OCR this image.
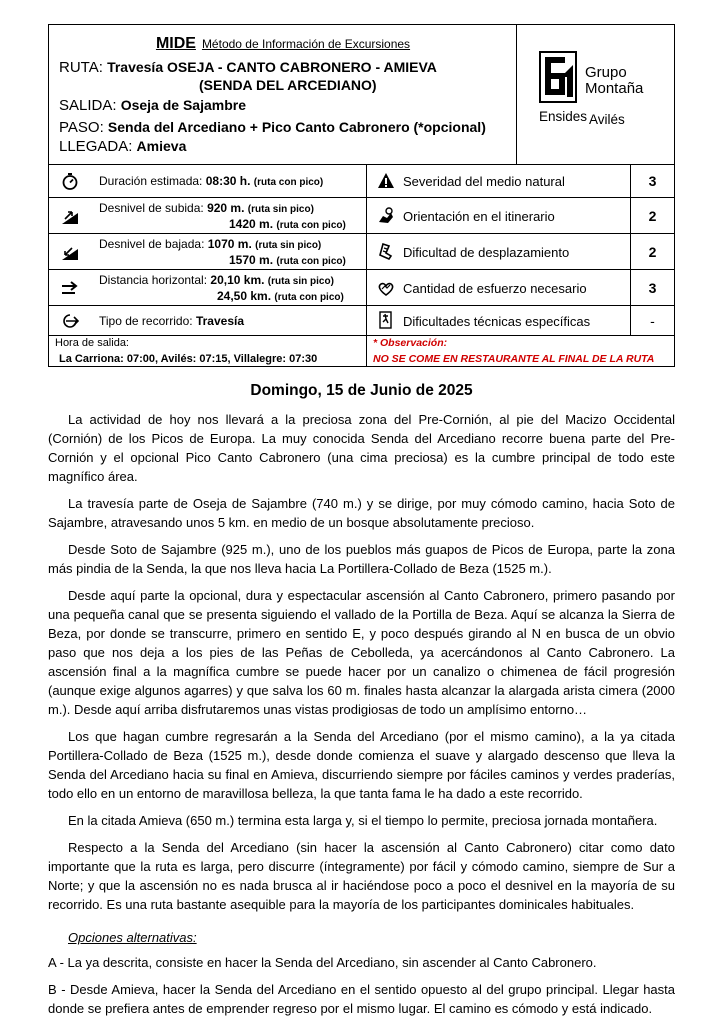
MIDE Método de Información de Excursiones
RUTA: Travesía OSEJA - CANTO CABRONERO - AMIEVA
(SENDA DEL ARCEDIANO)
SALIDA: Oseja de Sajambre
PASO: Senda del Arcediano + Pico Canto Cabronero (*opcional)
LLEGADA: Amieva
Grupo
Montaña
Ensides Avilés
Duración estimada: 08:30 h. (ruta con pico)	Severidad del medio natural	3
Desnivel de subida: 920 m. (ruta sin pico)
1420 m. (ruta con pico)
Orientación en el itinerario	2
Desnivel de bajada: 1070 m. (ruta sin pico)
1570 m. (ruta con pico)
Dificultad de desplazamiento	2
Distancia horizontal: 20,10 km. (ruta sin pico)
24,50 km. (ruta con pico)
Cantidad de esfuerzo necesario	3
Tipo de recorrido: Travesía	Dificultades técnicas específicas	-
Hora de salida:
La Carriona: 07:00, Avilés: 07:15, Villalegre: 07:30
* Observación:
NO SE COME EN RESTAURANTE AL FINAL DE LA RUTA
Domingo, 15 de Junio de 2025

La actividad de hoy nos llevará a la preciosa zona del Pre-Cornión, al pie del Macizo Occidental (Cornión) de los Picos de Europa. La muy conocida Senda del Arcediano recorre buena parte del Pre-Cornión y el opcional Pico Canto Cabronero (una cima preciosa) es la cumbre principal de todo este magnífico área.

La travesía parte de Oseja de Sajambre (740 m.) y se dirige, por muy cómodo camino, hacia Soto de Sajambre, atravesando unos 5 km. en medio de un bosque absolutamente precioso.

Desde Soto de Sajambre (925 m.), uno de los pueblos más guapos de Picos de Europa, parte la zona más pindia de la Senda, la que nos lleva hacia La Portillera-Collado de Beza (1525 m.).

Desde aquí parte la opcional, dura y espectacular ascensión al Canto Cabronero, primero pasando por una pequeña canal que se presenta siguiendo el vallado de la Portilla de Beza. Aquí se alcanza la Sierra de Beza, por donde se transcurre, primero en sentido E, y poco después girando al N en busca de un obvio paso que nos deja a los pies de las Peñas de Cebolleda, ya acercándonos al Canto Cabronero. La ascensión final a la magnífica cumbre se puede hacer por un canalizo o chimenea de fácil progresión (aunque exige algunos agarres) y que salva los 60 m. finales hasta alcanzar la alargada arista cimera (2000 m.). Desde aquí arriba disfrutaremos unas vistas prodigiosas de todo un amplísimo entorno…

Los que hagan cumbre regresarán a la Senda del Arcediano (por el mismo camino), a la ya citada Portillera-Collado de Beza (1525 m.), desde donde comienza el suave y alargado descenso que lleva la Senda del Arcediano hacia su final en Amieva, discurriendo siempre por fáciles caminos y verdes praderías, todo ello en un entorno de maravillosa belleza, la que tanta fama le ha dado a este recorrido.

En la citada Amieva (650 m.) termina esta larga y, si el tiempo lo permite, preciosa jornada montañera.

Respecto a la Senda del Arcediano (sin hacer la ascensión al Canto Cabronero) citar como dato importante que la ruta es larga, pero discurre (íntegramente) por fácil y cómodo camino, siempre de Sur a Norte; y que la ascensión no es nada brusca al ir haciéndose poco a poco el desnivel en la mayoría de su recorrido. Es una ruta bastante asequible para la mayoría de los participantes dominicales habituales.

Opciones alternativas:

A - La ya descrita, consiste en hacer la Senda del Arcediano, sin ascender al Canto Cabronero.

B - Desde Amieva, hacer la Senda del Arcediano en el sentido opuesto al del grupo principal. Llegar hasta donde se prefiera antes de emprender regreso por el mismo lugar. El camino es cómodo y está indicado.
